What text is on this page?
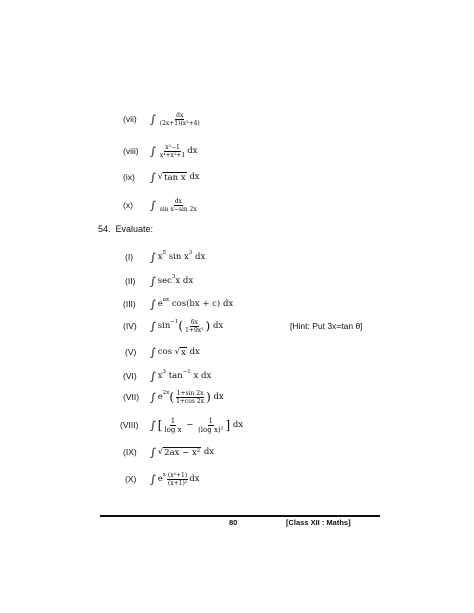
(vii) ∫ $\frac{dx}{\text{(2x+1)(x²+4)}}$
(viii) ∫ $\frac{\text{x²−1}}{\text{x⁴+x²+1}}$ dx
(ix) ∫ √ tan x
dx
(x) ∫ $\frac{dx}{\text{sin x−sin 2x}}$
54. Evaluate:
(I) ∫ $x^5$ $\sin x^3$ dx
(II) ∫ $\sec^3x$ dx
(III) ∫ $e^{ax}$ cos(bx + c) dx
(IV) ∫ $\sin^{-1}$ ( $\frac{6x}{\text{1+9x²}}$ )
dx	[Hint: Put 3x=tan θ]
(V) ∫ cos √ x
dx
(VI) ∫ $x^3$ $\tan^{-1} x$ dx
(VII) ∫ $e^{2x}$ ( $\frac{1+\sin 2x}{1+\cos 2x}$ )
dx
(VIII) ∫ [ $\frac{1}{\text{log x}} - \frac{1}{\text{(log x)²}}$ ]
dx
(IX) ∫ √ 2ax − x²
dx
(X) ∫ $e^x \frac{\text{(x²+1)}}{\text{(x+1)²}}$ dx
80	[Class XII : Maths]
